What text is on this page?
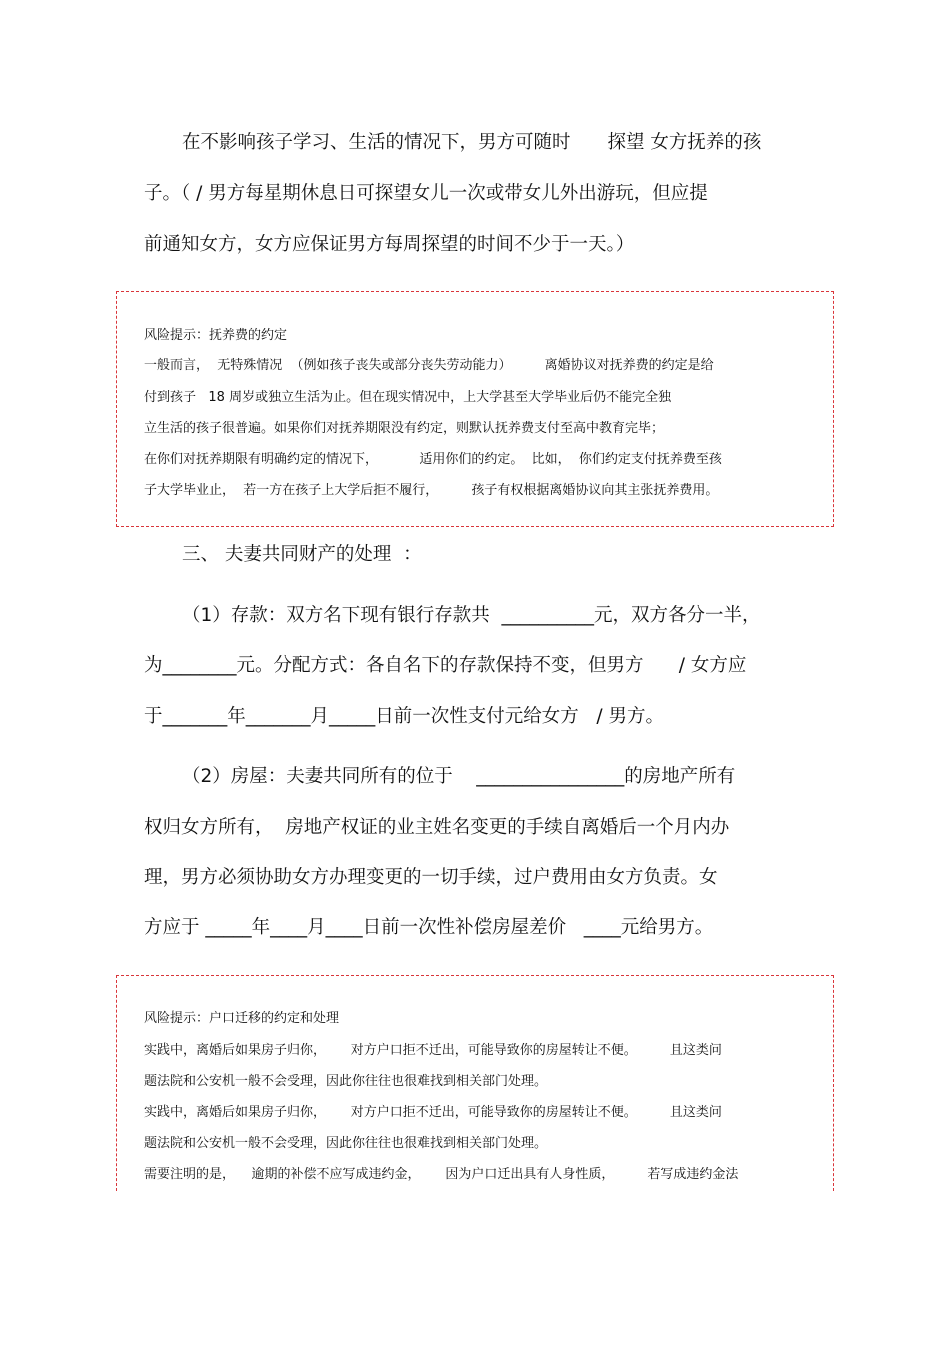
在不影响孩子学习、生活的情况下，男方可随时　　探望 女方抚养的孩

子。（ / 男方每星期休息日可探望女儿一次或带女儿外出游玩，但应提

前通知女方，女方应保证男方每周探望的时间不少于一天。）

风险提示：抚养费的约定

一般而言，  无特殊情况  （例如孩子丧失或部分丧失劳动能力）        离婚协议对抚养费的约定是给

付到孩子   18 周岁或独立生活为止。但在现实情况中，上大学甚至大学毕业后仍不能完全独

立生活的孩子很普遍。如果你们对抚养期限没有约定，则默认抚养费支付至高中教育完毕；

在你们对抚养期限有明确约定的情况下，          适用你们的约定。  比如，  你们约定支付抚养费至孩

子大学毕业止，  若一方在孩子上大学后拒不履行，        孩子有权根据离婚协议向其主张抚养费用。

三、 夫妻共同财产的处理  ：

（1）存款：双方名下现有银行存款共  __________元，双方各分一半，

为________元。分配方式：各自名下的存款保持不变，但男方      / 女方应

于_______年_______月_____日前一次性支付元给女方   / 男方。

（2）房屋：夫妻共同所有的位于    ________________的房地产所有

权归女方所有，  房地产权证的业主姓名变更的手续自离婚后一个月内办

理，男方必须协助女方办理变更的一切手续，过户费用由女方负责。女

方应于 _____年____月____日前一次性补偿房屋差价   ____元给男方。

风险提示：户口迁移的约定和处理

实践中，离婚后如果房子归你，      对方户口拒不迁出，可能导致你的房屋转让不便。        且这类问

题法院和公安机一般不会受理，因此你往往也很难找到相关部门处理。

实践中，离婚后如果房子归你，      对方户口拒不迁出，可能导致你的房屋转让不便。        且这类问

题法院和公安机一般不会受理，因此你往往也很难找到相关部门处理。

需要注明的是，    逾期的补偿不应写成违约金，      因为户口迁出具有人身性质，        若写成违约金法
